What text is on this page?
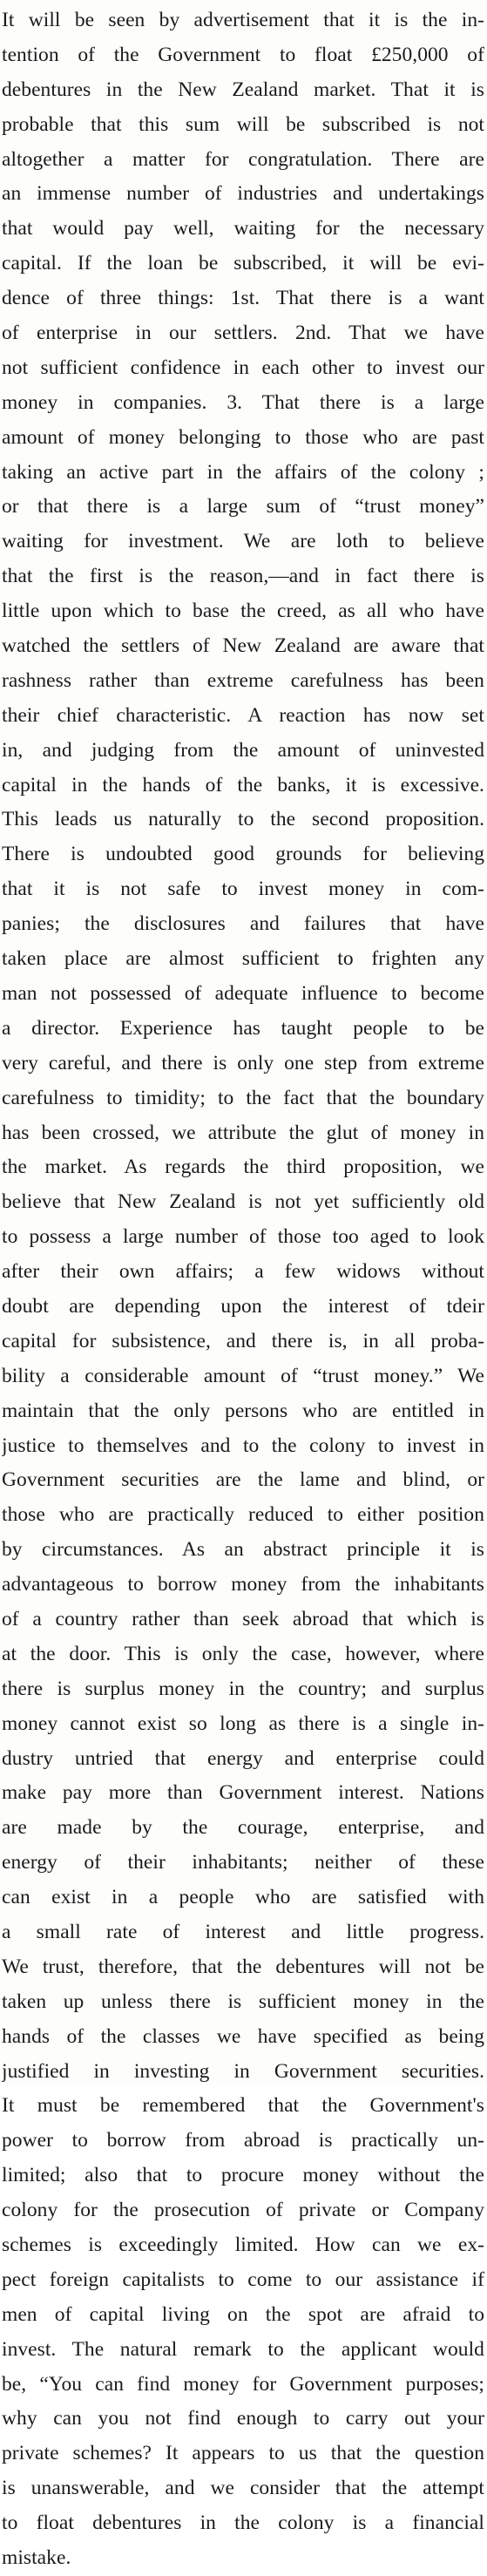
It will be seen by advertisement that it is the in-
tention of the Government to float £250,000 of
debentures in the New Zealand market. That it is
probable that this sum will be subscribed is not
altogether a matter for congratulation. There are
an immense number of industries and undertakings
that would pay well, waiting for the necessary
capital. If the loan be subscribed, it will be evi-
dence of three things: 1st. That there is a want
of enterprise in our settlers. 2nd. That we have
not sufficient confidence in each other to invest our
money in companies. 3. That there is a large
amount of money belonging to those who are past
taking an active part in the affairs of the colony ;
or that there is a large sum of “trust money”
waiting for investment. We are loth to believe
that the first is the reason,—and in fact there is
little upon which to base the creed, as all who have
watched the settlers of New Zealand are aware that
rashness rather than extreme carefulness has been
their chief characteristic. A reaction has now set
in, and judging from the amount of uninvested
capital in the hands of the banks, it is excessive.
This leads us naturally to the second proposition.
There is undoubted good grounds for believing
that it is not safe to invest money in com-
panies; the disclosures and failures that have
taken place are almost sufficient to frighten any
man not possessed of adequate influence to become
a director. Experience has taught people to be
very careful, and there is only one step from extreme
carefulness to timidity; to the fact that the boundary
has been crossed, we attribute the glut of money in
the market. As regards the third proposition, we
believe that New Zealand is not yet sufficiently old
to possess a large number of those too aged to look
after their own affairs; a few widows without
doubt are depending upon the interest of tdeir
capital for subsistence, and there is, in all proba-
bility a considerable amount of “trust money.” We
maintain that the only persons who are entitled in
justice to themselves and to the colony to invest in
Government securities are the lame and blind, or
those who are practically reduced to either position
by circumstances. As an abstract principle it is
advantageous to borrow money from the inhabitants
of a country rather than seek abroad that which is
at the door. This is only the case, however, where
there is surplus money in the country; and surplus
money cannot exist so long as there is a single in-
dustry untried that energy and enterprise could
make pay more than Government interest. Nations
are made by the courage, enterprise, and
energy of their inhabitants; neither of these
can exist in a people who are satisfied with
a small rate of interest and little progress.
We trust, therefore, that the debentures will not be
taken up unless there is sufficient money in the
hands of the classes we have specified as being
justified in investing in Government securities.
It must be remembered that the Government's
power to borrow from abroad is practically un-
limited; also that to procure money without the
colony for the prosecution of private or Company
schemes is exceedingly limited. How can we ex-
pect foreign capitalists to come to our assistance if
men of capital living on the spot are afraid to
invest. The natural remark to the applicant would
be, “You can find money for Government purposes;
why can you not find enough to carry out your
private schemes? It appears to us that the question
is unanswerable, and we consider that the attempt
to float debentures in the colony is a financial
mistake.
